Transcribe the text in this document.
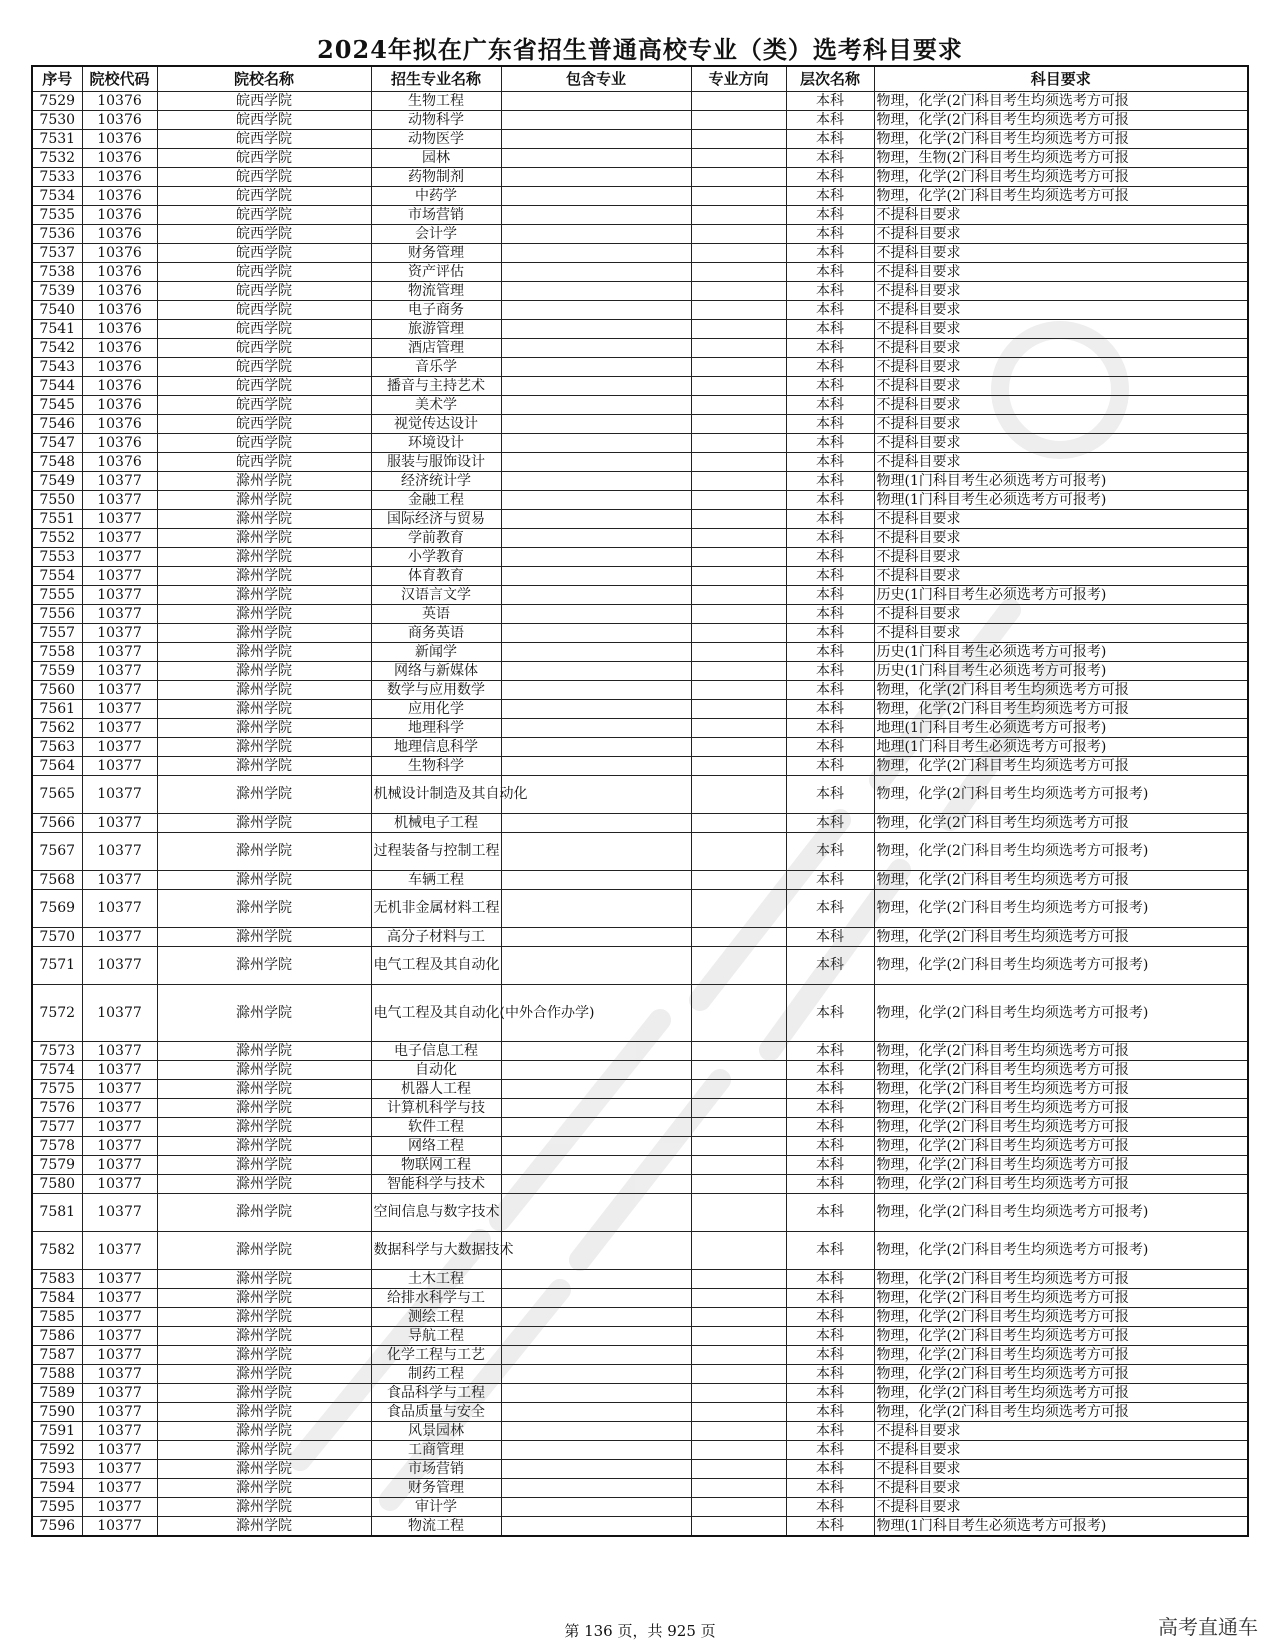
2024年拟在广东省招生普通高校专业（类）选考科目要求
序号	院校代码	院校名称	招生专业名称	包含专业	专业方向	层次名称	科目要求
7529	10376	皖西学院	生物工程			本科	物理，化学(2门科目考生均须选考方可报
7530	10376	皖西学院	动物科学			本科	物理，化学(2门科目考生均须选考方可报
7531	10376	皖西学院	动物医学			本科	物理，化学(2门科目考生均须选考方可报
7532	10376	皖西学院	园林			本科	物理，生物(2门科目考生均须选考方可报
7533	10376	皖西学院	药物制剂			本科	物理，化学(2门科目考生均须选考方可报
7534	10376	皖西学院	中药学			本科	物理，化学(2门科目考生均须选考方可报
7535	10376	皖西学院	市场营销			本科	不提科目要求
7536	10376	皖西学院	会计学			本科	不提科目要求
7537	10376	皖西学院	财务管理			本科	不提科目要求
7538	10376	皖西学院	资产评估			本科	不提科目要求
7539	10376	皖西学院	物流管理			本科	不提科目要求
7540	10376	皖西学院	电子商务			本科	不提科目要求
7541	10376	皖西学院	旅游管理			本科	不提科目要求
7542	10376	皖西学院	酒店管理			本科	不提科目要求
7543	10376	皖西学院	音乐学			本科	不提科目要求
7544	10376	皖西学院	播音与主持艺术			本科	不提科目要求
7545	10376	皖西学院	美术学			本科	不提科目要求
7546	10376	皖西学院	视觉传达设计			本科	不提科目要求
7547	10376	皖西学院	环境设计			本科	不提科目要求
7548	10376	皖西学院	服装与服饰设计			本科	不提科目要求
7549	10377	滁州学院	经济统计学			本科	物理(1门科目考生必须选考方可报考)
7550	10377	滁州学院	金融工程			本科	物理(1门科目考生必须选考方可报考)
7551	10377	滁州学院	国际经济与贸易			本科	不提科目要求
7552	10377	滁州学院	学前教育			本科	不提科目要求
7553	10377	滁州学院	小学教育			本科	不提科目要求
7554	10377	滁州学院	体育教育			本科	不提科目要求
7555	10377	滁州学院	汉语言文学			本科	历史(1门科目考生必须选考方可报考)
7556	10377	滁州学院	英语			本科	不提科目要求
7557	10377	滁州学院	商务英语			本科	不提科目要求
7558	10377	滁州学院	新闻学			本科	历史(1门科目考生必须选考方可报考)
7559	10377	滁州学院	网络与新媒体			本科	历史(1门科目考生必须选考方可报考)
7560	10377	滁州学院	数学与应用数学			本科	物理，化学(2门科目考生均须选考方可报
7561	10377	滁州学院	应用化学			本科	物理，化学(2门科目考生均须选考方可报
7562	10377	滁州学院	地理科学			本科	地理(1门科目考生必须选考方可报考)
7563	10377	滁州学院	地理信息科学			本科	地理(1门科目考生必须选考方可报考)
7564	10377	滁州学院	生物科学			本科	物理，化学(2门科目考生均须选考方可报
7565	10377	滁州学院	机械设计制造及其自动化			本科	物理，化学(2门科目考生均须选考方可报考)
7566	10377	滁州学院	机械电子工程			本科	物理，化学(2门科目考生均须选考方可报
7567	10377	滁州学院	过程装备与控制工程			本科	物理，化学(2门科目考生均须选考方可报考)
7568	10377	滁州学院	车辆工程			本科	物理，化学(2门科目考生均须选考方可报
7569	10377	滁州学院	无机非金属材料工程			本科	物理，化学(2门科目考生均须选考方可报考)
7570	10377	滁州学院	高分子材料与工			本科	物理，化学(2门科目考生均须选考方可报
7571	10377	滁州学院	电气工程及其自动化			本科	物理，化学(2门科目考生均须选考方可报考)
7572	10377	滁州学院	电气工程及其自动化(中外合作办学)			本科	物理，化学(2门科目考生均须选考方可报考)
7573	10377	滁州学院	电子信息工程			本科	物理，化学(2门科目考生均须选考方可报
7574	10377	滁州学院	自动化			本科	物理，化学(2门科目考生均须选考方可报
7575	10377	滁州学院	机器人工程			本科	物理，化学(2门科目考生均须选考方可报
7576	10377	滁州学院	计算机科学与技			本科	物理，化学(2门科目考生均须选考方可报
7577	10377	滁州学院	软件工程			本科	物理，化学(2门科目考生均须选考方可报
7578	10377	滁州学院	网络工程			本科	物理，化学(2门科目考生均须选考方可报
7579	10377	滁州学院	物联网工程			本科	物理，化学(2门科目考生均须选考方可报
7580	10377	滁州学院	智能科学与技术			本科	物理，化学(2门科目考生均须选考方可报
7581	10377	滁州学院	空间信息与数字技术			本科	物理，化学(2门科目考生均须选考方可报考)
7582	10377	滁州学院	数据科学与大数据技术			本科	物理，化学(2门科目考生均须选考方可报考)
7583	10377	滁州学院	土木工程			本科	物理，化学(2门科目考生均须选考方可报
7584	10377	滁州学院	给排水科学与工			本科	物理，化学(2门科目考生均须选考方可报
7585	10377	滁州学院	测绘工程			本科	物理，化学(2门科目考生均须选考方可报
7586	10377	滁州学院	导航工程			本科	物理，化学(2门科目考生均须选考方可报
7587	10377	滁州学院	化学工程与工艺			本科	物理，化学(2门科目考生均须选考方可报
7588	10377	滁州学院	制药工程			本科	物理，化学(2门科目考生均须选考方可报
7589	10377	滁州学院	食品科学与工程			本科	物理，化学(2门科目考生均须选考方可报
7590	10377	滁州学院	食品质量与安全			本科	物理，化学(2门科目考生均须选考方可报
7591	10377	滁州学院	风景园林			本科	不提科目要求
7592	10377	滁州学院	工商管理			本科	不提科目要求
7593	10377	滁州学院	市场营销			本科	不提科目要求
7594	10377	滁州学院	财务管理			本科	不提科目要求
7595	10377	滁州学院	审计学			本科	不提科目要求
7596	10377	滁州学院	物流工程			本科	物理(1门科目考生必须选考方可报考)
第 136 页，共 925 页	高考直通车
